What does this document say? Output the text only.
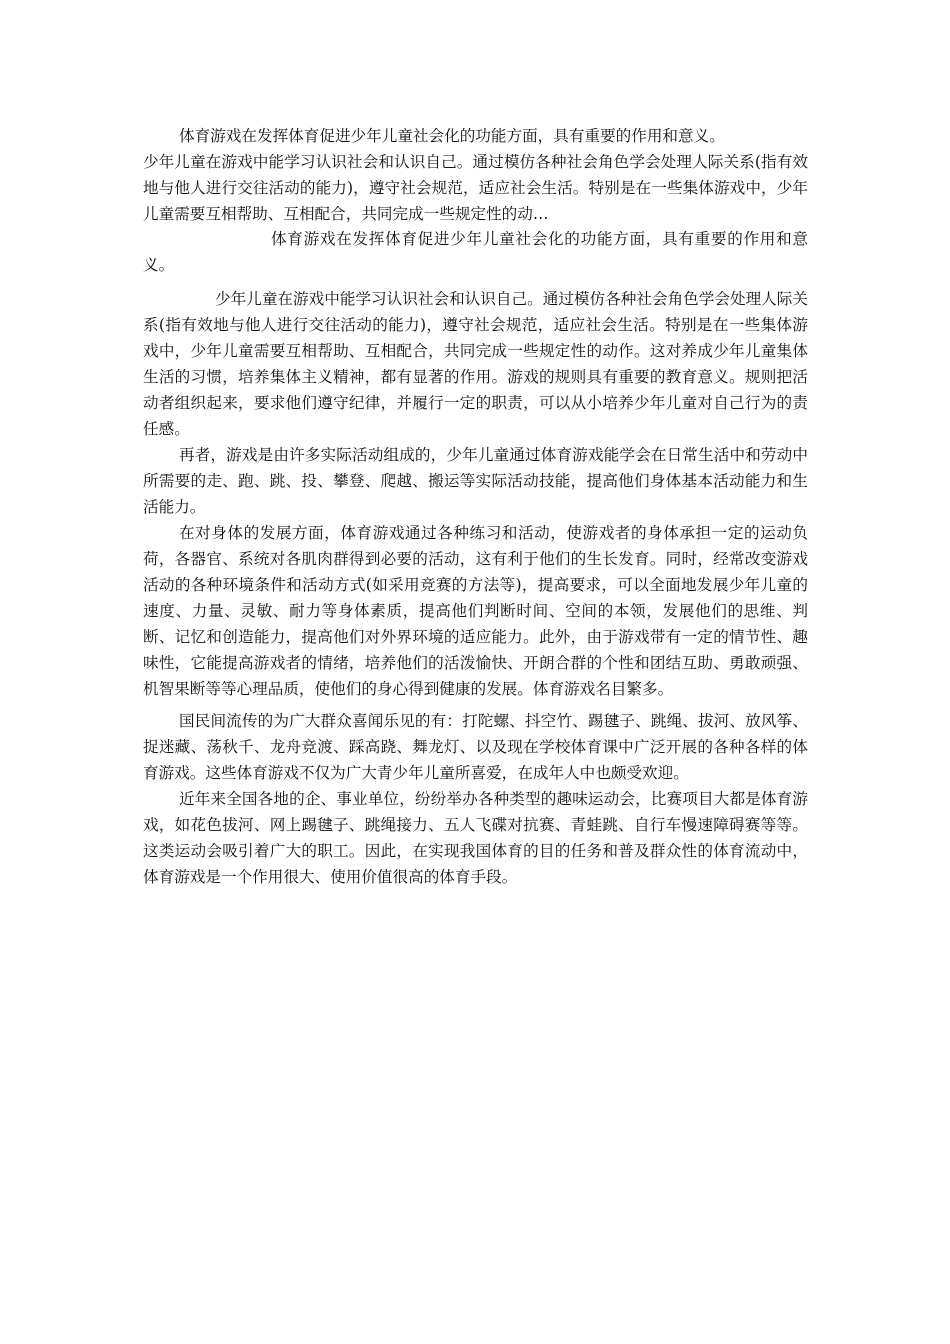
体育游戏在发挥体育促进少年儿童社会化的功能方面，具有重要的作用和意义。

少年儿童在游戏中能学习认识社会和认识自己。通过模仿各种社会角色学会处理人际关系(指有效地与他人进行交往活动的能力)，遵守社会规范，适应社会生活。特别是在一些集体游戏中，少年儿童需要互相帮助、互相配合，共同完成一些规定性的动…

体育游戏在发挥体育促进少年儿童社会化的功能方面，具有重要的作用和意义。

少年儿童在游戏中能学习认识社会和认识自己。通过模仿各种社会角色学会处理人际关系(指有效地与他人进行交往活动的能力)，遵守社会规范，适应社会生活。特别是在一些集体游戏中，少年儿童需要互相帮助、互相配合，共同完成一些规定性的动作。这对养成少年儿童集体生活的习惯，培养集体主义精神，都有显著的作用。游戏的规则具有重要的教育意义。规则把活动者组织起来，要求他们遵守纪律，并履行一定的职责，可以从小培养少年儿童对自己行为的责任感。

再者，游戏是由许多实际活动组成的，少年儿童通过体育游戏能学会在日常生活中和劳动中所需要的走、跑、跳、投、攀登、爬越、搬运等实际活动技能，提高他们身体基本活动能力和生活能力。

在对身体的发展方面，体育游戏通过各种练习和活动，使游戏者的身体承担一定的运动负荷，各器官、系统对各肌肉群得到必要的活动，这有利于他们的生长发育。同时，经常改变游戏活动的各种环境条件和活动方式(如采用竞赛的方法等)，提高要求，可以全面地发展少年儿童的速度、力量、灵敏、耐力等身体素质，提高他们判断时间、空间的本领，发展他们的思维、判断、记忆和创造能力，提高他们对外界环境的适应能力。此外，由于游戏带有一定的情节性、趣味性，它能提高游戏者的情绪，培养他们的活泼愉快、开朗合群的个性和团结互助、勇敢顽强、机智果断等等心理品质，使他们的身心得到健康的发展。体育游戏名目繁多。

国民间流传的为广大群众喜闻乐见的有：打陀螺、抖空竹、踢毽子、跳绳、拔河、放风筝、捉迷藏、荡秋千、龙舟竞渡、踩高跷、舞龙灯、以及现在学校体育课中广泛开展的各种各样的体育游戏。这些体育游戏不仅为广大青少年儿童所喜爱，在成年人中也颇受欢迎。

近年来全国各地的企、事业单位，纷纷举办各种类型的趣味运动会，比赛项目大都是体育游戏，如花色拔河、网上踢毽子、跳绳接力、五人飞碟对抗赛、青蛙跳、自行车慢速障碍赛等等。这类运动会吸引着广大的职工。因此，在实现我国体育的目的任务和普及群众性的体育流动中，体育游戏是一个作用很大、使用价值很高的体育手段。
